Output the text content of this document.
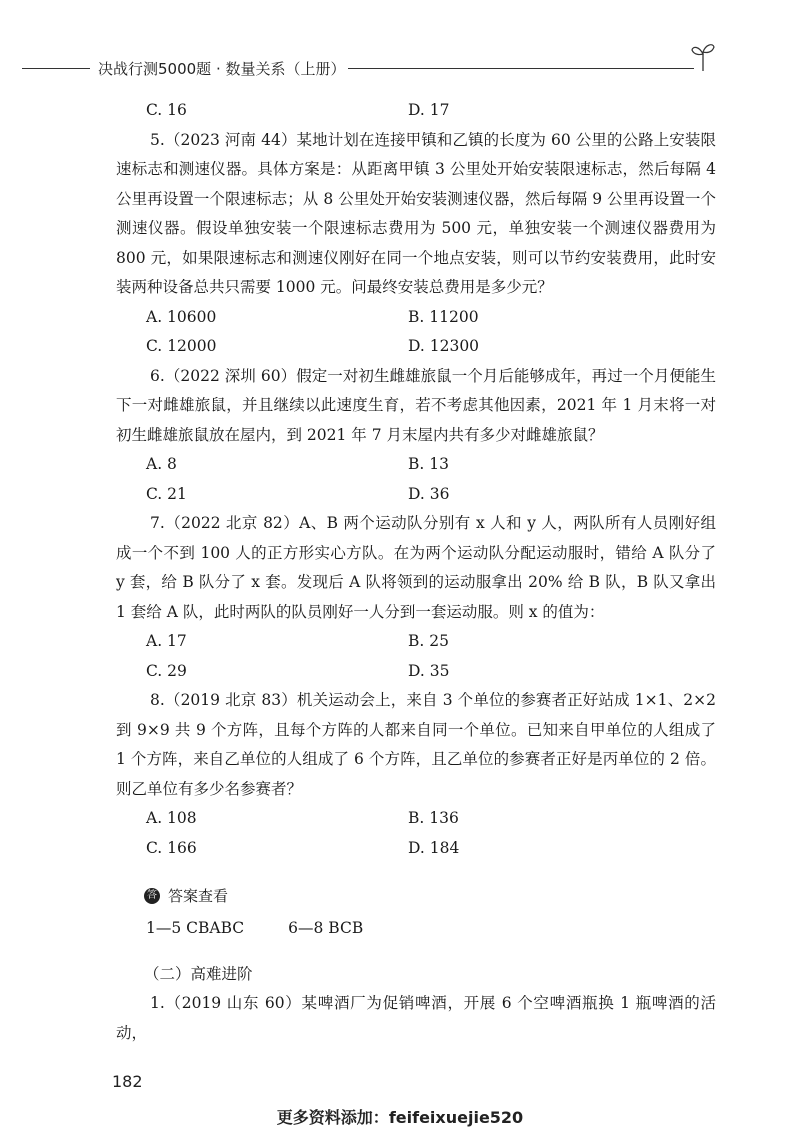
决战行测5000题 · 数量关系（上册）
C. 16	D. 17
5.（2023 河南 44）某地计划在连接甲镇和乙镇的长度为 60 公里的公路上安装限速标志和测速仪器。具体方案是：从距离甲镇 3 公里处开始安装限速标志，然后每隔 4 公里再设置一个限速标志；从 8 公里处开始安装测速仪器，然后每隔 9 公里再设置一个测速仪器。假设单独安装一个限速标志费用为 500 元，单独安装一个测速仪器费用为 800 元，如果限速标志和测速仪刚好在同一个地点安装，则可以节约安装费用，此时安装两种设备总共只需要 1000 元。问最终安装总费用是多少元？
A. 10600	B. 11200
C. 12000	D. 12300
6.（2022 深圳 60）假定一对初生雌雄旅鼠一个月后能够成年，再过一个月便能生下一对雌雄旅鼠，并且继续以此速度生育，若不考虑其他因素，2021 年 1 月末将一对初生雌雄旅鼠放在屋内，到 2021 年 7 月末屋内共有多少对雌雄旅鼠？
A. 8	B. 13
C. 21	D. 36
7.（2022 北京 82）A、B 两个运动队分别有 x 人和 y 人，两队所有人员刚好组成一个不到 100 人的正方形实心方队。在为两个运动队分配运动服时，错给 A 队分了 y 套，给 B 队分了 x 套。发现后 A 队将领到的运动服拿出 20% 给 B 队，B 队又拿出 1 套给 A 队，此时两队的队员刚好一人分到一套运动服。则 x 的值为：
A. 17	B. 25
C. 29	D. 35
8.（2019 北京 83）机关运动会上，来自 3 个单位的参赛者正好站成 1×1、2×2 到 9×9 共 9 个方阵，且每个方阵的人都来自同一个单位。已知来自甲单位的人组成了 1 个方阵，来自乙单位的人组成了 6 个方阵，且乙单位的参赛者正好是丙单位的 2 倍。则乙单位有多少名参赛者？
A. 108	B. 136
C. 166	D. 184
答 答案查看
1—5 CBABC	6—8 BCB
（二）高难进阶
1.（2019 山东 60）某啤酒厂为促销啤酒，开展 6 个空啤酒瓶换 1 瓶啤酒的活动，
182
更多资料添加：feifeixuejie520
